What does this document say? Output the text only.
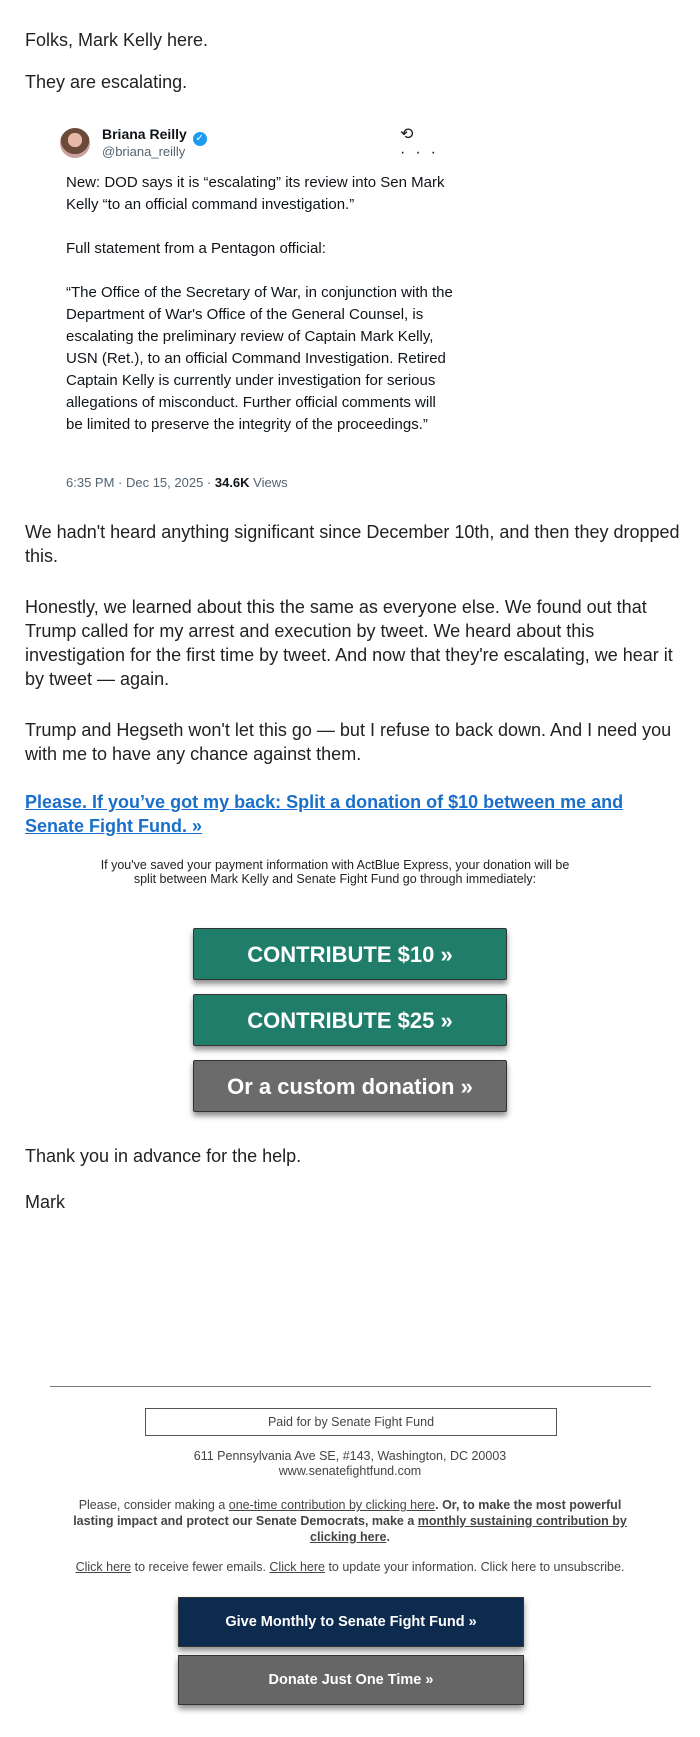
Folks, Mark Kelly here.

They are escalating.

Briana Reilly ✓
@briana_reilly
⟲ ···
New: DOD says it is “escalating” its review into Sen Mark Kelly “to an official command investigation.”

Full statement from a Pentagon official:

“The Office of the Secretary of War, in conjunction with the Department of War's Office of the General Counsel, is escalating the preliminary review of Captain Mark Kelly, USN (Ret.), to an official Command Investigation. Retired Captain Kelly is currently under investigation for serious allegations of misconduct. Further official comments will be limited to preserve the integrity of the proceedings.”
6:35 PM · Dec 15, 2025 · 34.6K Views

We hadn't heard anything significant since December 10th, and then they dropped this.

Honestly, we learned about this the same as everyone else. We found out that Trump called for my arrest and execution by tweet. We heard about this investigation for the first time by tweet. And now that they're escalating, we hear it by tweet — again.

Trump and Hegseth won't let this go — but I refuse to back down. And I need you with me to have any chance against them.

Please. If you’ve got my back: Split a donation of $10 between me and Senate Fight Fund. »
If you've saved your payment information with ActBlue Express, your donation will be split between Mark Kelly and Senate Fight Fund go through immediately:
CONTRIBUTE $10 »
CONTRIBUTE $25 »
Or a custom donation »

Thank you in advance for the help.

Mark

Paid for by Senate Fight Fund
611 Pennsylvania Ave SE, #143, Washington, DC 20003
www.senatefightfund.com
Please, consider making a one-time contribution by clicking here. Or, to make the most powerful lasting impact and protect our Senate Democrats, make a monthly sustaining contribution by clicking here.
Click here to receive fewer emails. Click here to update your information. Click here to unsubscribe.
Give Monthly to Senate Fight Fund »
Donate Just One Time »
